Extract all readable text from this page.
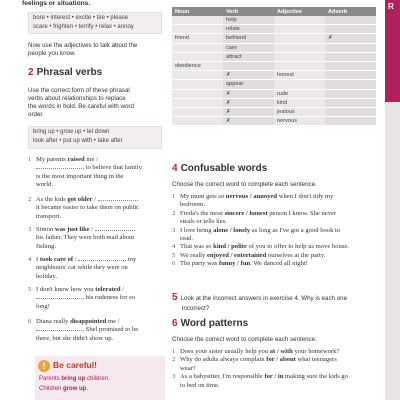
R
feelings or situations.
bore • interest • excite • tire • please
scare • frighten • terrify • relax • annoy
Now use the adjectives to talk about the
people you know.
2 Phrasal verbs
Use the correct form of these phrasal
verbs about relationships to replace
the words in bold. Be careful with word
order.
bring up • grow up • let down
look after • put up with • take after
1 My parents raised me /
to believe that family
is the most important thing in the
world.
2 As the kids got older /
it became easier to take them on public
transport.
3 Simon was just like /
his father. They were both mad about
fishing.
4 I took care of /	my
neighbours' cat while they were on
holiday.
5 I don't know how you tolerated /
his rudeness for so
long!
6 Diana really disappointed me /
Shel promised to be
there, but she didn't show up.
! Be careful!
Parents bring up children.
Children grow up.
Noun	Verb	Adjective	Adverb
	help		
	relate		
friend	befriend		✗
	care		
	attract		
obedience			
	✗	honest	
	appear		
	✗	rude	
	✗	kind	
	✗	jealous	
	✗	nervous	
4 Confusable words
Choose the correct word to complete each sentence.
1 My mum gets so nervous / annoyed when I don't tidy my
bedroom.
2 Freda's the most sincere / honest person I know. She never
steals or tells lies.
3 I love being alone / lonely as long as I've got a good book to
read.
4 That was so kind / polite of you to offer to help us move house.
5 We really enjoyed / entertained ourselves at the party.
6 The party was funny / fun. We danced all night!
5 Look at the incorrect answers in exercise 4. Why is each one
incorrect?
6 Word patterns
Choose the correct word to complete each sentence.
1 Does your sister usually help you at / with your homework?
2 Why do adults always complain for / about what teenagers
wear?
3 As a babysitter, I'm responsible for / in making sure the kids go
to bed on time.
